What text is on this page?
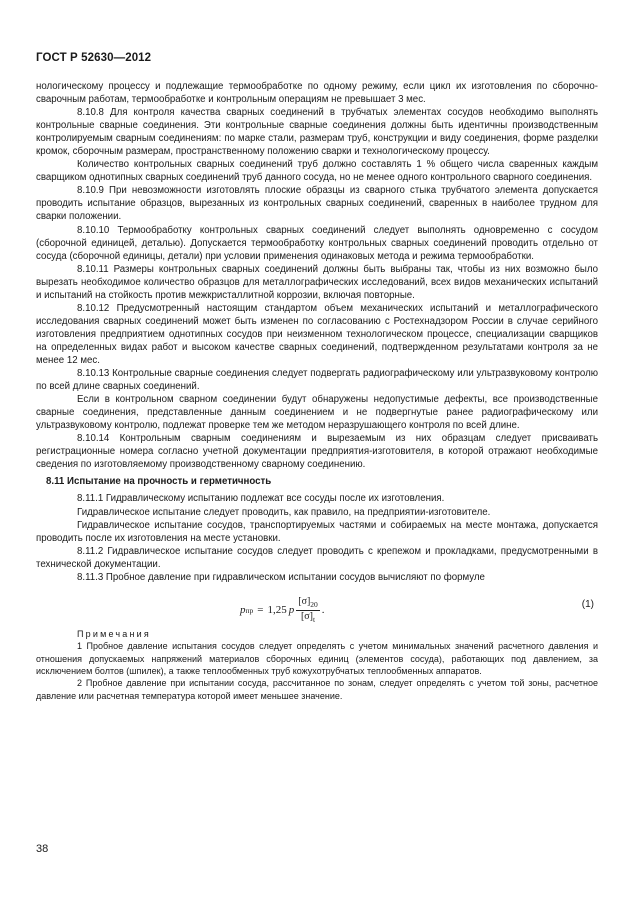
ГОСТ Р 52630—2012

нологическому процессу и подлежащие термообработке по одному режиму, если цикл их изготовления по сборочно-сварочным работам, термообработке и контрольным операциям не превышает 3 мес.

8.10.8 Для контроля качества сварных соединений в трубчатых элементах сосудов необходимо выполнять контрольные сварные соединения. Эти контрольные сварные соединения должны быть идентичны производственным контролируемым сварным соединениям: по марке стали, размерам труб, конструкции и виду соединения, форме разделки кромок, сборочным размерам, пространственному положению сварки и технологическому процессу.

Количество контрольных сварных соединений труб должно составлять 1 % общего числа сваренных каждым сварщиком однотипных сварных соединений труб данного сосуда, но не менее одного контрольного сварного соединения.

8.10.9 При невозможности изготовлять плоские образцы из сварного стыка трубчатого элемента допускается проводить испытание образцов, вырезанных из контрольных сварных соединений, сваренных в наиболее трудном для сварки положении.

8.10.10 Термообработку контрольных сварных соединений следует выполнять одновременно с сосудом (сборочной единицей, деталью). Допускается термообработку контрольных сварных соединений проводить отдельно от сосуда (сборочной единицы, детали) при условии применения одинаковых метода и режима термообработки.

8.10.11 Размеры контрольных сварных соединений должны быть выбраны так, чтобы из них возможно было вырезать необходимое количество образцов для металлографических исследований, всех видов механических испытаний и испытаний на стойкость против межкристаллитной коррозии, включая повторные.

8.10.12 Предусмотренный настоящим стандартом объем механических испытаний и металлографического исследования сварных соединений может быть изменен по согласованию с Ростехнадзором России в случае серийного изготовления предприятием однотипных сосудов при неизменном технологическом процессе, специализации сварщиков на определенных видах работ и высоком качестве сварных соединений, подтвержденном результатами контроля за не менее 12 мес.

8.10.13 Контрольные сварные соединения следует подвергать радиографическому или ультразвуковому контролю по всей длине сварных соединений.

Если в контрольном сварном соединении будут обнаружены недопустимые дефекты, все производственные сварные соединения, представленные данным соединением и не подвергнутые ранее радиографическому или ультразвуковому контролю, подлежат проверке тем же методом неразрушающего контроля по всей длине.

8.10.14 Контрольным сварным соединениям и вырезаемым из них образцам следует присваивать регистрационные номера согласно учетной документации предприятия-изготовителя, в которой отражают необходимые сведения по изготовляемому производственному сварному соединению.

8.11 Испытание на прочность и герметичность

8.11.1 Гидравлическому испытанию подлежат все сосуды после их изготовления.

Гидравлическое испытание следует проводить, как правило, на предприятии-изготовителе.

Гидравлическое испытание сосудов, транспортируемых частями и собираемых на месте монтажа, допускается проводить после их изготовления на месте установки.

8.11.2 Гидравлическое испытание сосудов следует проводить с крепежом и прокладками, предусмотренными в технической документации.

8.11.3 Пробное давление при гидравлическом испытании сосудов вычисляют по формуле

p пр = 1,25 p $\frac{[\sigma]_{20}}{[\sigma]_t}$ .	(1)

Примечания

1 Пробное давление испытания сосудов следует определять с учетом минимальных значений расчетного давления и отношения допускаемых напряжений материалов сборочных единиц (элементов сосуда), работающих под давлением, за исключением болтов (шпилек), а также теплообменных труб кожухотрубчатых теплообменных аппаратов.

2 Пробное давление при испытании сосуда, рассчитанное по зонам, следует определять с учетом той зоны, расчетное давление или расчетная температура которой имеет меньшее значение.

38
